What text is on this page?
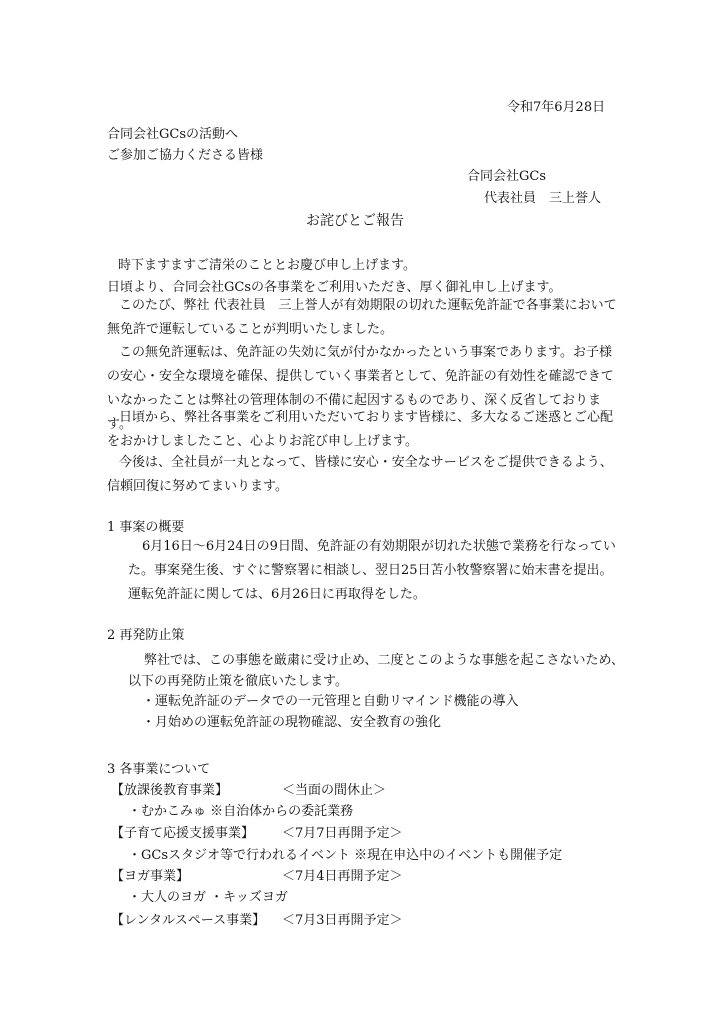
令和7年6月28日
合同会社GCsの活動へ
ご参加ご協力くださる皆様
合同会社GCs
代表社員　三上誉人
お詫びとご報告
時下ますますご清栄のこととお慶び申し上げます。
日頃より、合同会社GCsの各事業をご利用いただき、厚く御礼申し上げます。
このたび、弊社 代表社員　三上誉人が有効期限の切れた運転免許証で各事業において無免許で運転していることが判明いたしました。
この無免許運転は、免許証の失効に気が付かなかったという事案であります。お子様の安心・安全な環境を確保、提供していく事業者として、免許証の有効性を確認できていなかったことは弊社の管理体制の不備に起因するものであり、深く反省しております。
日頃から、弊社各事業をご利用いただいております皆様に、多大なるご迷惑とご心配をおかけしましたこと、心よりお詫び申し上げます。
今後は、全社員が一丸となって、皆様に安心・安全なサービスをご提供できるよう、信頼回復に努めてまいります。
1 事案の概要
6月16日～6月24日の9日間、免許証の有効期限が切れた状態で業務を行なっていた。事案発生後、すぐに警察署に相談し、翌日25日苫小牧警察署に始末書を提出。 運転免許証に関しては、6月26日に再取得をした。
2 再発防止策
弊社では、この事態を厳粛に受け止め、二度とこのような事態を起こさないため、
以下の再発防止策を徹底いたします。
・運転免許証のデータでの一元管理と自動リマインド機能の導入
・月始めの運転免許証の現物確認、安全教育の強化
3 各事業について
【放課後教育事業】	＜当面の間休止＞
・むかこみゅ ※自治体からの委託業務
【子育て応援支援事業】 ＜7月7日再開予定＞
・GCsスタジオ等で行われるイベント ※現在申込中のイベントも開催予定
【ヨガ事業】	＜7月4日再開予定＞
・大人のヨガ ・キッズヨガ
【レンタルスペース事業】 ＜7月3日再開予定＞
